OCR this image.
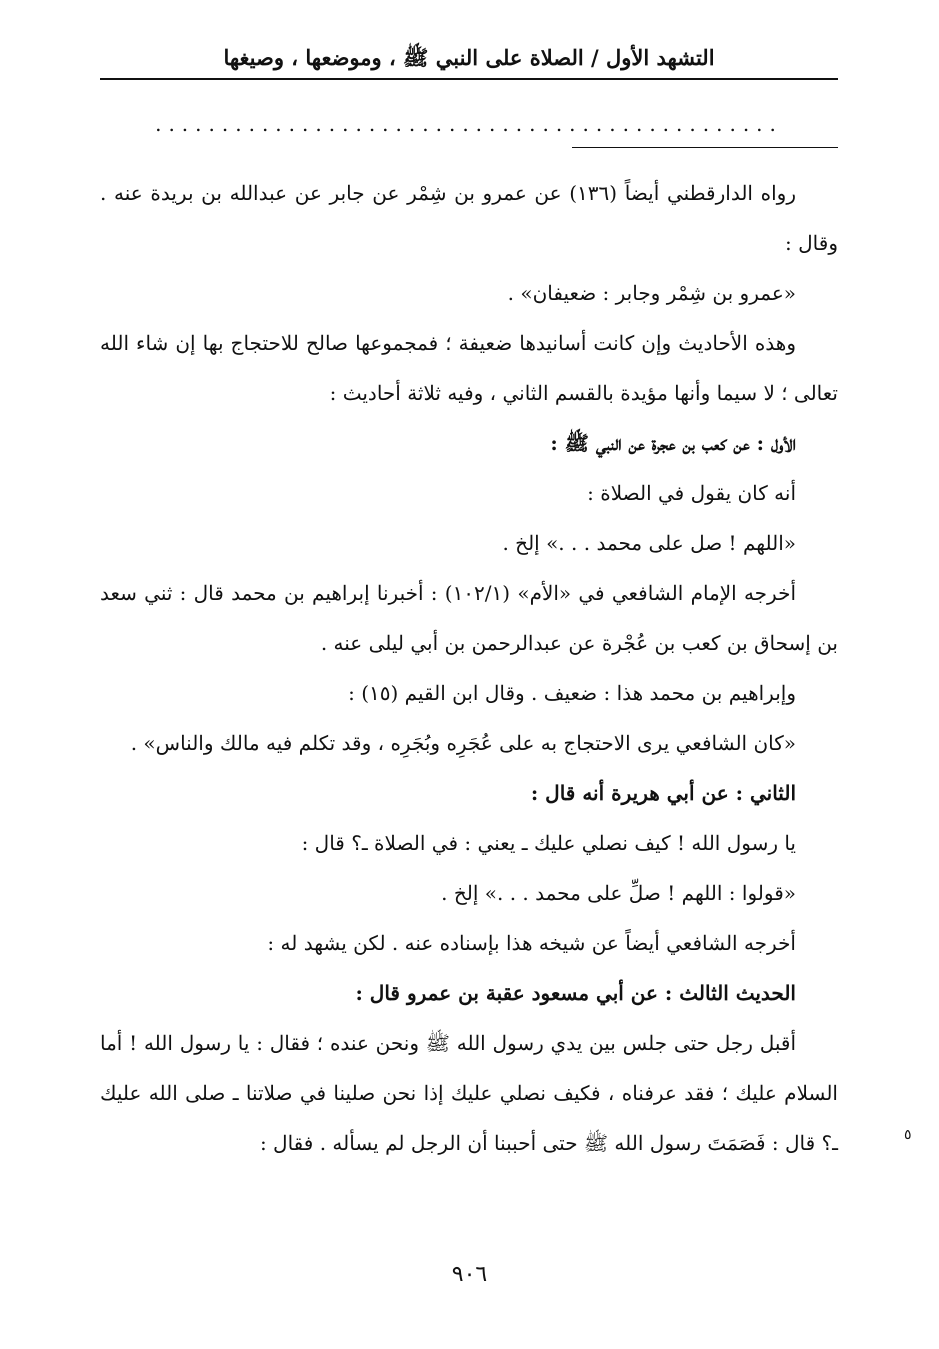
التشهد الأول / الصلاة على النبي ﷺ ، وموضعها ، وصيغها
...............................................

رواه الدارقطني أيضاً (١٣٦) عن عمرو بن شِمْر عن جابر عن عبدالله بن بريدة عنه . وقال :

«عمرو بن شِمْر وجابر : ضعيفان» .

وهذه الأحاديث وإن كانت أسانيدها ضعيفة ؛ فمجموعها صالح للاحتجاج بها إن شاء الله تعالى ؛ لا سيما وأنها مؤيدة بالقسم الثاني ، وفيه ثلاثة أحاديث :

الأول : عن كعب بن عجرة عن النبي ﷺ :

أنه كان يقول في الصلاة :

«اللهم ! صل على محمد . . .» إلخ .

أخرجه الإمام الشافعي في «الأم» (١٠٢/١) : أخبرنا إبراهيم بن محمد قال : ثني سعد بن إسحاق بن كعب بن عُجْرة عن عبدالرحمن بن أبي ليلى عنه .

وإبراهيم بن محمد هذا : ضعيف . وقال ابن القيم (١٥) :

«كان الشافعي يرى الاحتجاج به على عُجَرِه وبُجَرِه ، وقد تكلم فيه مالك والناس» .

الثاني : عن أبي هريرة أنه قال :

يا رسول الله ! كيف نصلي عليك ـ يعني : في الصلاة ـ؟ قال :

«قولوا : اللهم ! صلِّ على محمد . . .» إلخ .

أخرجه الشافعي أيضاً عن شيخه هذا بإسناده عنه . لكن يشهد له :

الحديث الثالث : عن أبي مسعود عقبة بن عمرو قال :

أقبل رجل حتى جلس بين يدي رسول الله ﷺ ونحن عنده ؛ فقال : يا رسول الله ! أما السلام عليك ؛ فقد عرفناه ، فكيف نصلي عليك إذا نحن صلينا في صلاتنا ـ صلى الله عليك ـ؟ قال : فَصَمَتَ رسول الله ﷺ حتى أحببنا أن الرجل لم يسأله . فقال :	٥
٩٠٦
